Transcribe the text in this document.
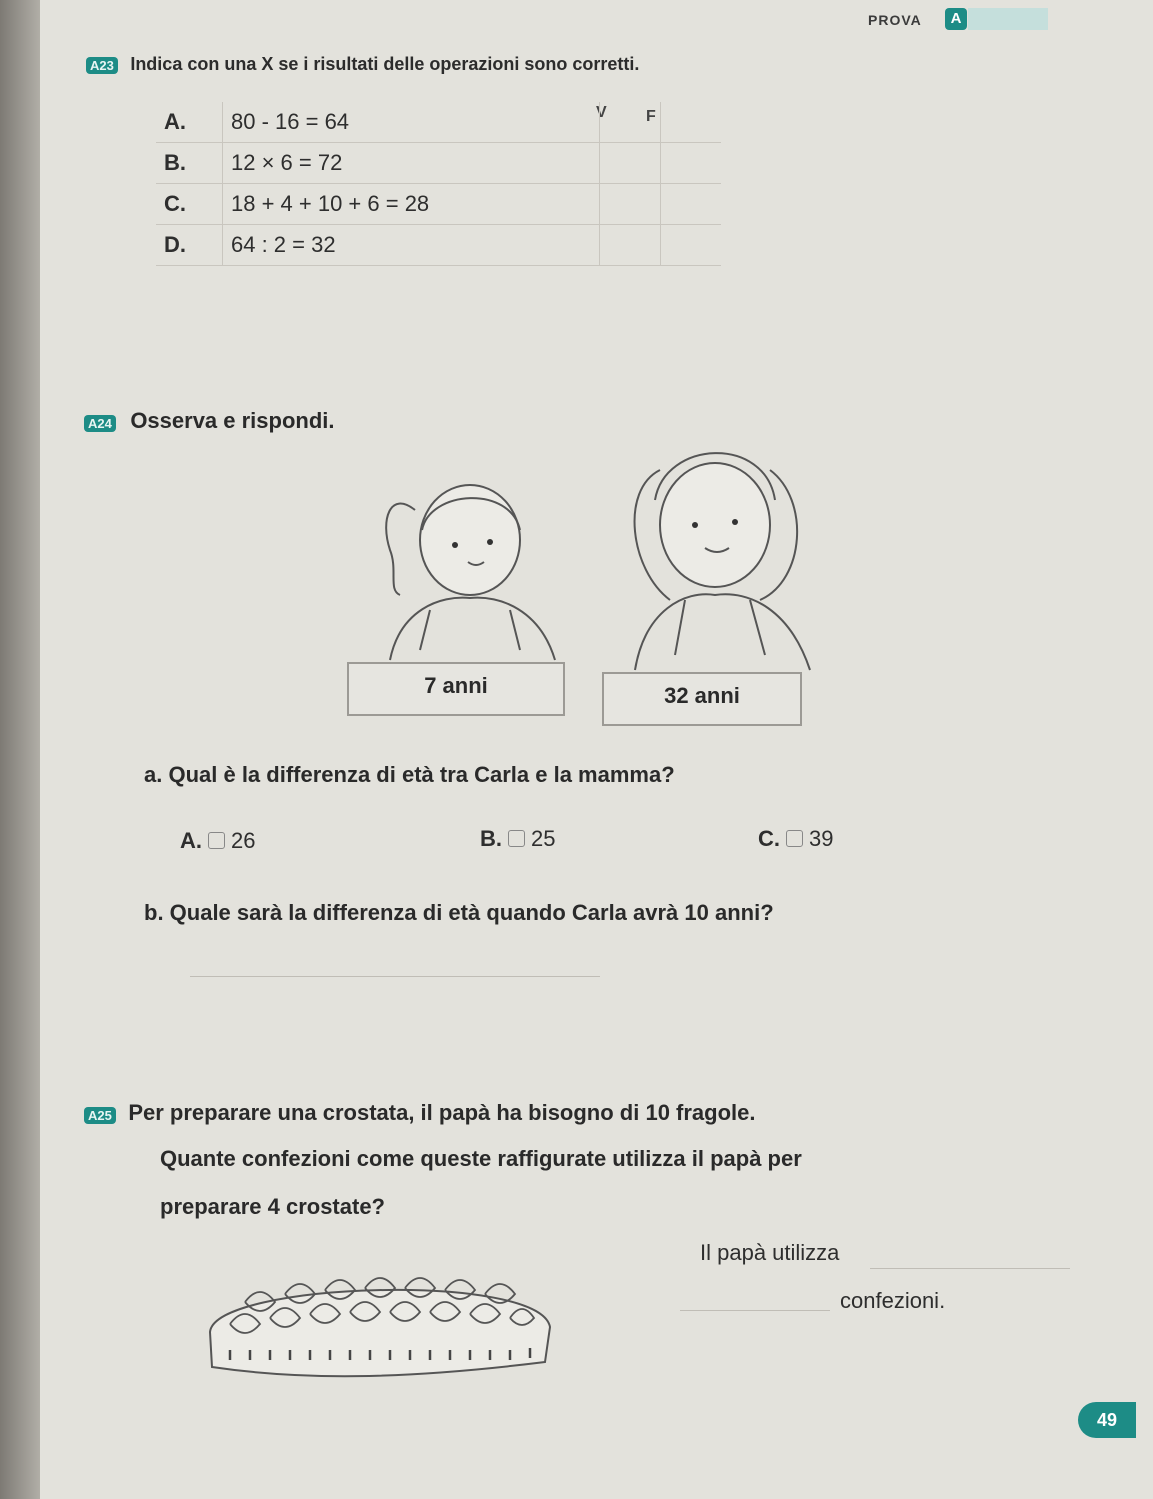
PROVA	A
A23 Indica con una X se i risultati delle operazioni sono corretti.
V F
A.	80 - 16 = 64		
B.	12 × 6 = 72		
C.	18 + 4 + 10 + 6 = 28		
D.	64 : 2 = 32		
A24 Osserva e rispondi.
7 anni	32 anni
a. Qual è la differenza di età tra Carla e la mamma?
A. 26	B. 25	C. 39
b. Quale sarà la differenza di età quando Carla avrà 10 anni?
A25 Per preparare una crostata, il papà ha bisogno di 10 fragole.
Quante confezioni come queste raffigurate utilizza il papà per
preparare 4 crostate?
Il papà utilizza
confezioni.
49
